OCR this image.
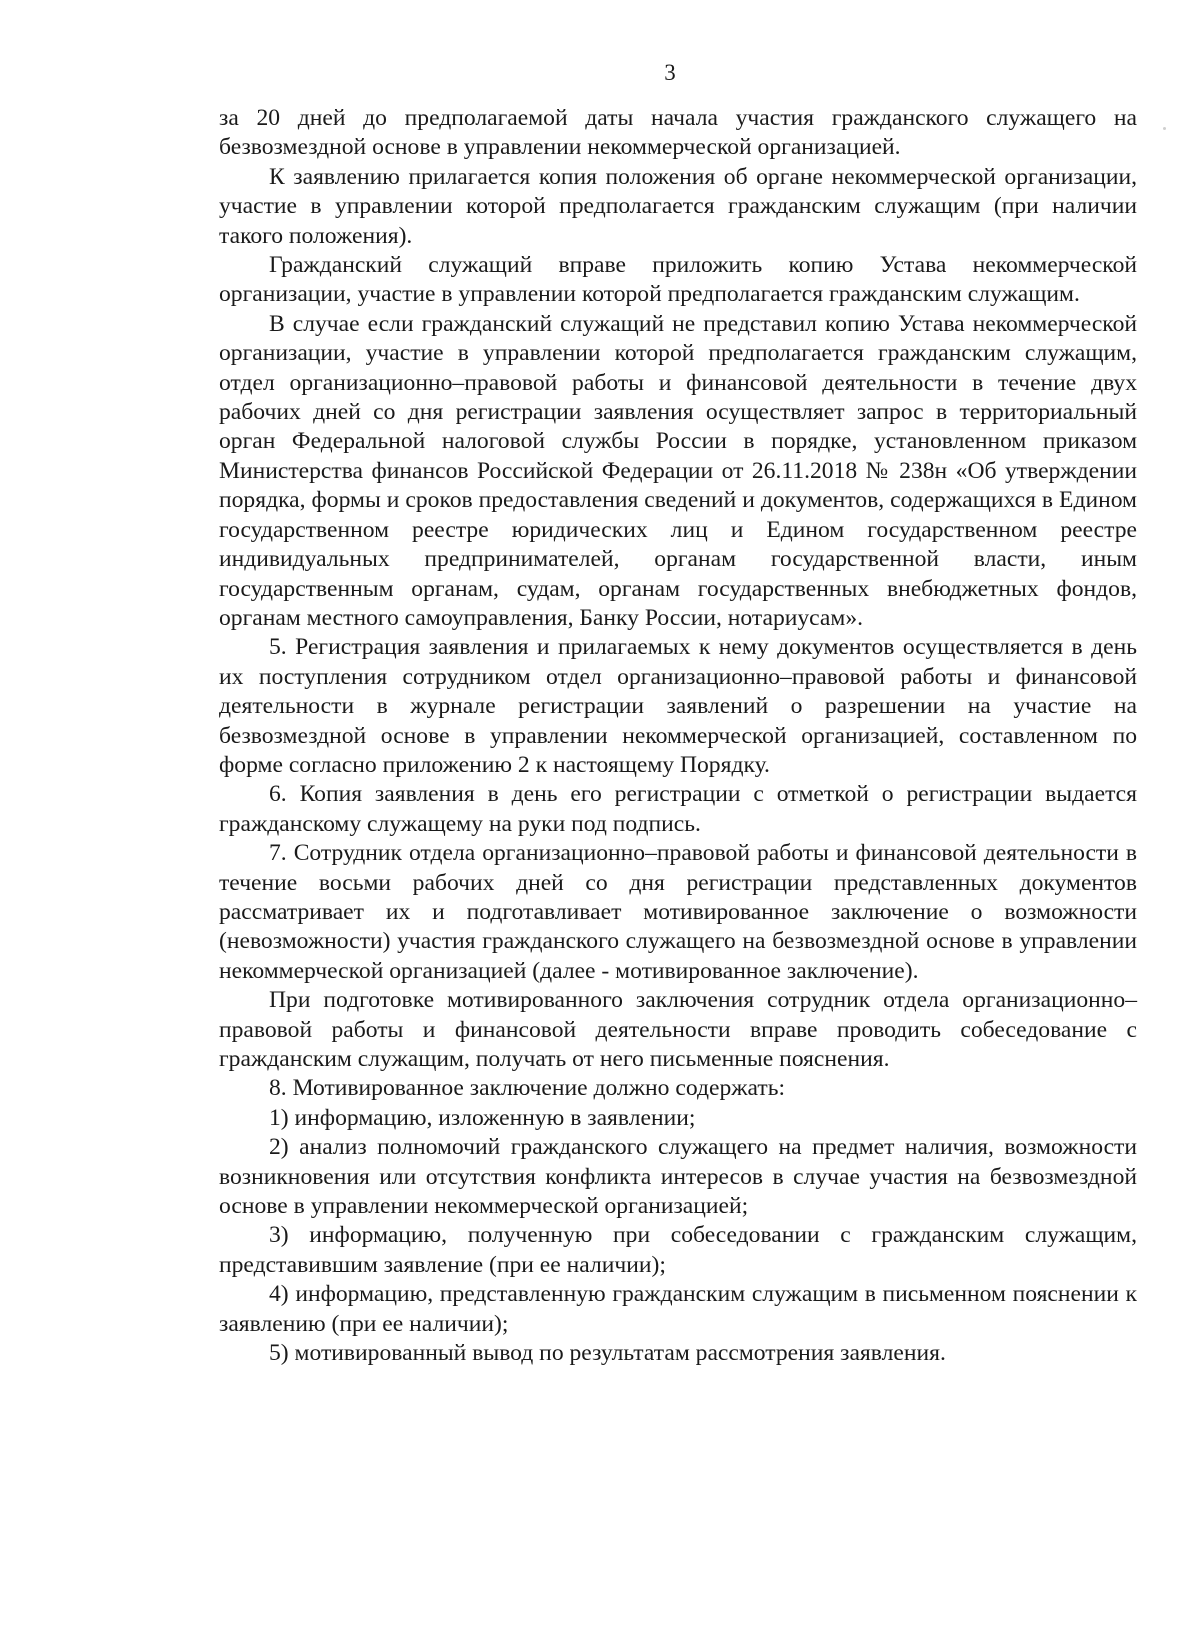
3

за 20 дней до предполагаемой даты начала участия гражданского служащего на безвозмездной основе в управлении некоммерческой организацией.

К заявлению прилагается копия положения об органе некоммерческой организации, участие в управлении которой предполагается гражданским служащим (при наличии такого положения).

Гражданский служащий вправе приложить копию Устава некоммерческой организации, участие в управлении которой предполагается гражданским служащим.

В случае если гражданский служащий не представил копию Устава некоммерческой организации, участие в управлении которой предполагается гражданским служащим, отдел организационно–правовой работы и финансовой деятельности в течение двух рабочих дней со дня регистрации заявления осуществляет запрос в территориальный орган Федеральной налоговой службы России в порядке, установленном приказом Министерства финансов Российской Федерации от 26.11.2018 № 238н «Об утверждении порядка, формы и сроков предоставления сведений и документов, содержащихся в Едином государственном реестре юридических лиц и Едином государственном реестре индивидуальных предпринимателей, органам государственной власти, иным государственным органам, судам, органам государственных внебюджетных фондов, органам местного самоуправления, Банку России, нотариусам».

5. Регистрация заявления и прилагаемых к нему документов осуществляется в день их поступления сотрудником отдел организационно–правовой работы и финансовой деятельности в журнале регистрации заявлений о разрешении на участие на безвозмездной основе в управлении некоммерческой организацией, составленном по форме согласно приложению 2 к настоящему Порядку.

6. Копия заявления в день его регистрации с отметкой о регистрации выдается гражданскому служащему на руки под подпись.

7. Сотрудник отдела организационно–правовой работы и финансовой деятельности в течение восьми рабочих дней со дня регистрации представленных документов рассматривает их и подготавливает мотивированное заключение о возможности (невозможности) участия гражданского служащего на безвозмездной основе в управлении некоммерческой организацией (далее - мотивированное заключение).

При подготовке мотивированного заключения сотрудник отдела организационно–правовой работы и финансовой деятельности вправе проводить собеседование с гражданским служащим, получать от него письменные пояснения.

8. Мотивированное заключение должно содержать:

1) информацию, изложенную в заявлении;

2) анализ полномочий гражданского служащего на предмет наличия, возможности возникновения или отсутствия конфликта интересов в случае участия на безвозмездной основе в управлении некоммерческой организацией;

3) информацию, полученную при собеседовании с гражданским служащим, представившим заявление (при ее наличии);

4) информацию, представленную гражданским служащим в письменном пояснении к заявлению (при ее наличии);

5) мотивированный вывод по результатам рассмотрения заявления.
